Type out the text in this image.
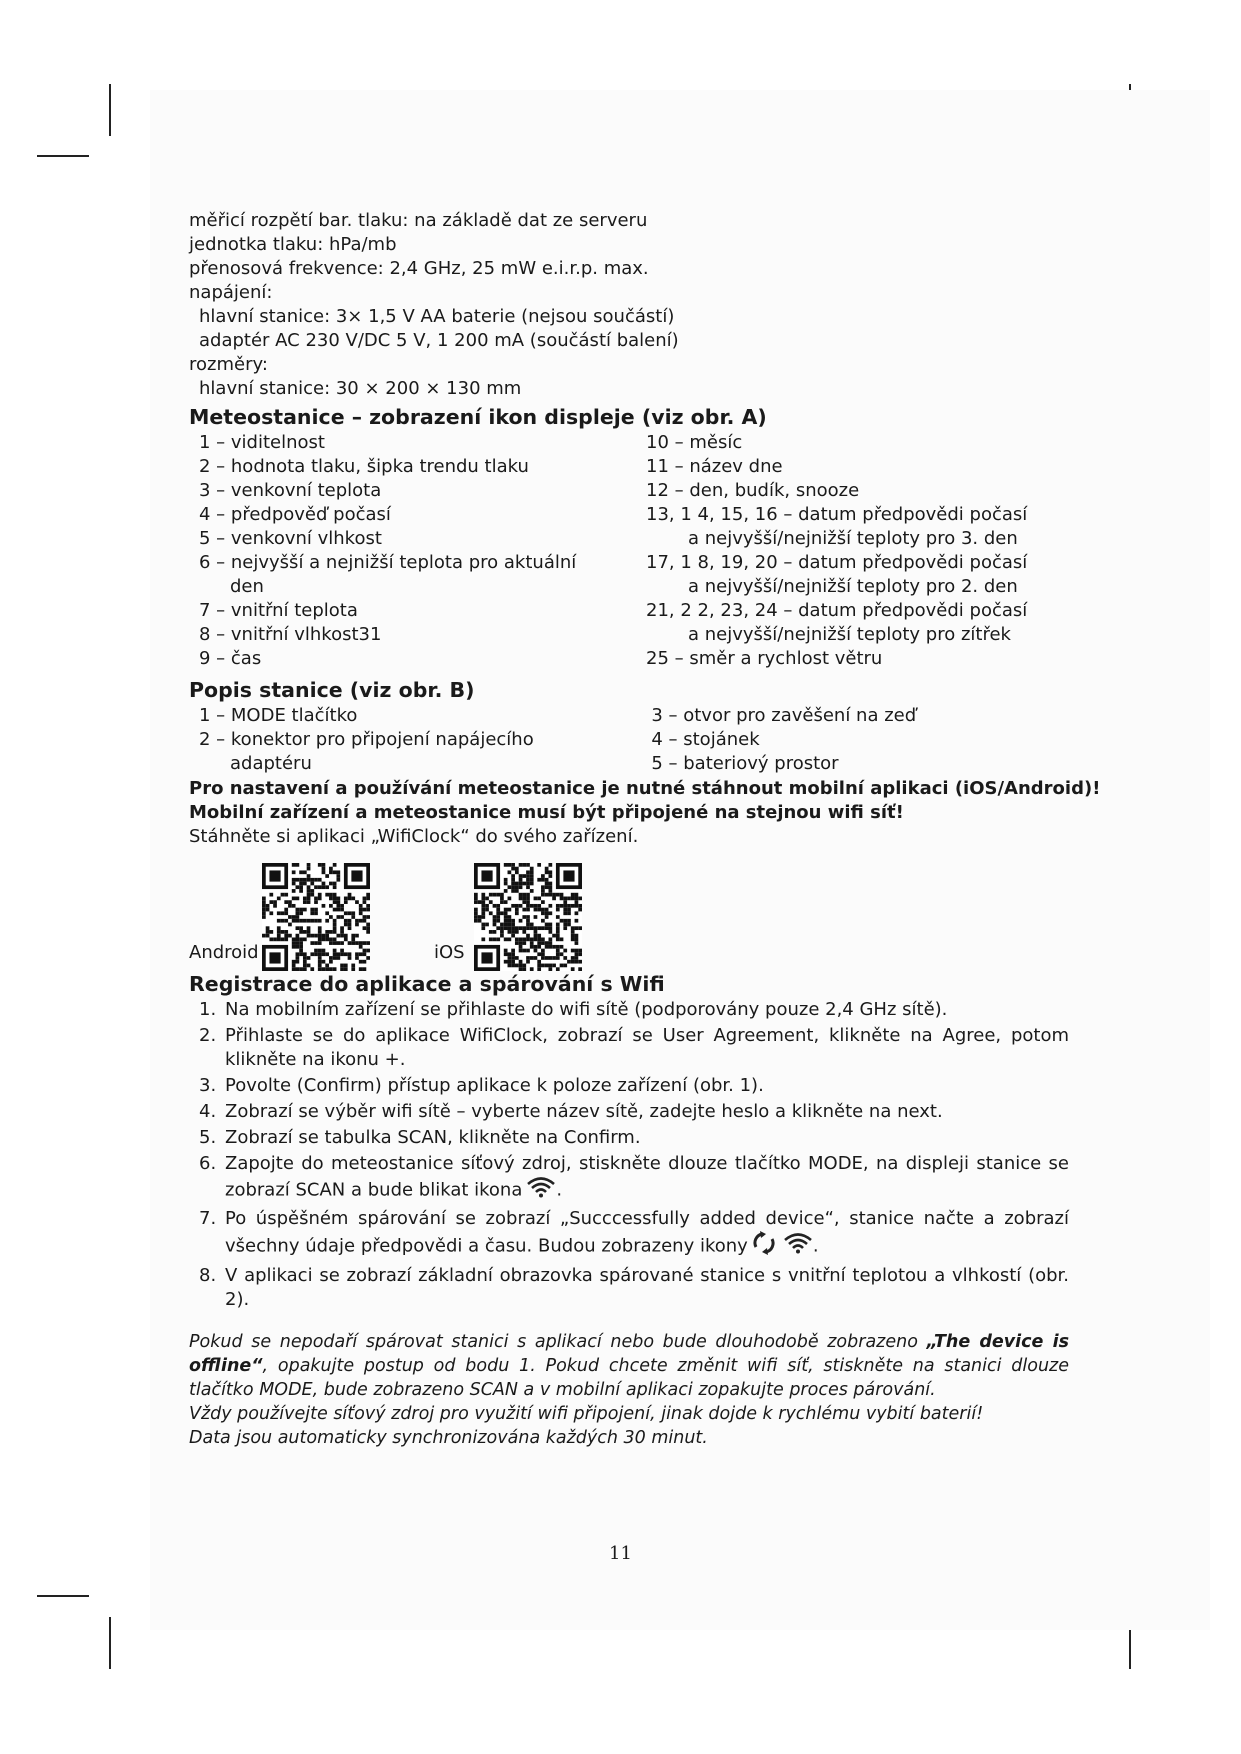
měřicí rozpětí bar. tlaku: na základě dat ze serveru
jednotka tlaku: hPa/mb
přenosová frekvence: 2,4 GHz, 25 mW e.i.r.p. max.
napájení:
hlavní stanice: 3× 1,5 V AA baterie (nejsou součástí)
adaptér AC 230 V/DC 5 V, 1 200 mA (součástí balení)
rozměry:
hlavní stanice: 30 × 200 × 130 mm
Meteostanice – zobrazení ikon displeje (viz obr. A)
1 – viditelnost
2 – hodnota tlaku, šipka trendu tlaku
3 – venkovní teplota
4 – předpověď počasí
5 – venkovní vlhkost
6 – nejvyšší a nejnižší teplota pro aktuální
den
7 – vnitřní teplota
8 – vnitřní vlhkost31
9 – čas
10 – měsíc
11 – název dne
12 – den, budík, snooze
13, 1 4, 15, 16 – datum předpovědi počasí
a nejvyšší/nejnižší teploty pro 3. den
17, 1 8, 19, 20 – datum předpovědi počasí
a nejvyšší/nejnižší teploty pro 2. den
21, 2 2, 23, 24 – datum předpovědi počasí
a nejvyšší/nejnižší teploty pro zítřek
25 – směr a rychlost větru
Popis stanice (viz obr. B)
1 – MODE tlačítko
2 – konektor pro připojení napájecího
adaptéru
3 – otvor pro zavěšení na zeď
4 – stojánek
5 – bateriový prostor
Pro nastavení a používání meteostanice je nutné stáhnout mobilní aplikaci (iOS/Android)!
Mobilní zařízení a meteostanice musí být připojené na stejnou wifi síť!
Stáhněte si aplikaci „WifiClock“ do svého zařízení.
Android	iOS
Registrace do aplikace a spárování s Wifi
1. Na mobilním zařízení se přihlaste do wifi sítě (podporovány pouze 2,4 GHz sítě).
2. Přihlaste se do aplikace WifiClock, zobrazí se User Agreement, klikněte na Agree, potom klikněte na ikonu +.
3. Povolte (Confirm) přístup aplikace k poloze zařízení (obr. 1).
4. Zobrazí se výběr wifi sítě – vyberte název sítě, zadejte heslo a klikněte na next.
5. Zobrazí se tabulka SCAN, klikněte na Confirm.
6. Zapojte do meteostanice síťový zdroj, stiskněte dlouze tlačítko MODE, na displeji stanice se zobrazí SCAN a bude blikat ikona .
7. Po úspěšném spárování se zobrazí „Succcessfully added device“, stanice načte a zobrazí všechny údaje předpovědi a času. Budou zobrazeny ikony	.
8. V aplikaci se zobrazí základní obrazovka spárované stanice s vnitřní teplotou a vlhkostí (obr. 2).
Pokud se nepodaří spárovat stanici s aplikací nebo bude dlouhodobě zobrazeno „The device is offline“, opakujte postup od bodu 1. Pokud chcete změnit wifi síť, stiskněte na stanici dlouze tlačítko MODE, bude zobrazeno SCAN a v mobilní aplikaci zopakujte proces párování.
Vždy používejte síťový zdroj pro využití wifi připojení, jinak dojde k rychlému vybití baterií!
Data jsou automaticky synchronizována každých 30 minut.
11
